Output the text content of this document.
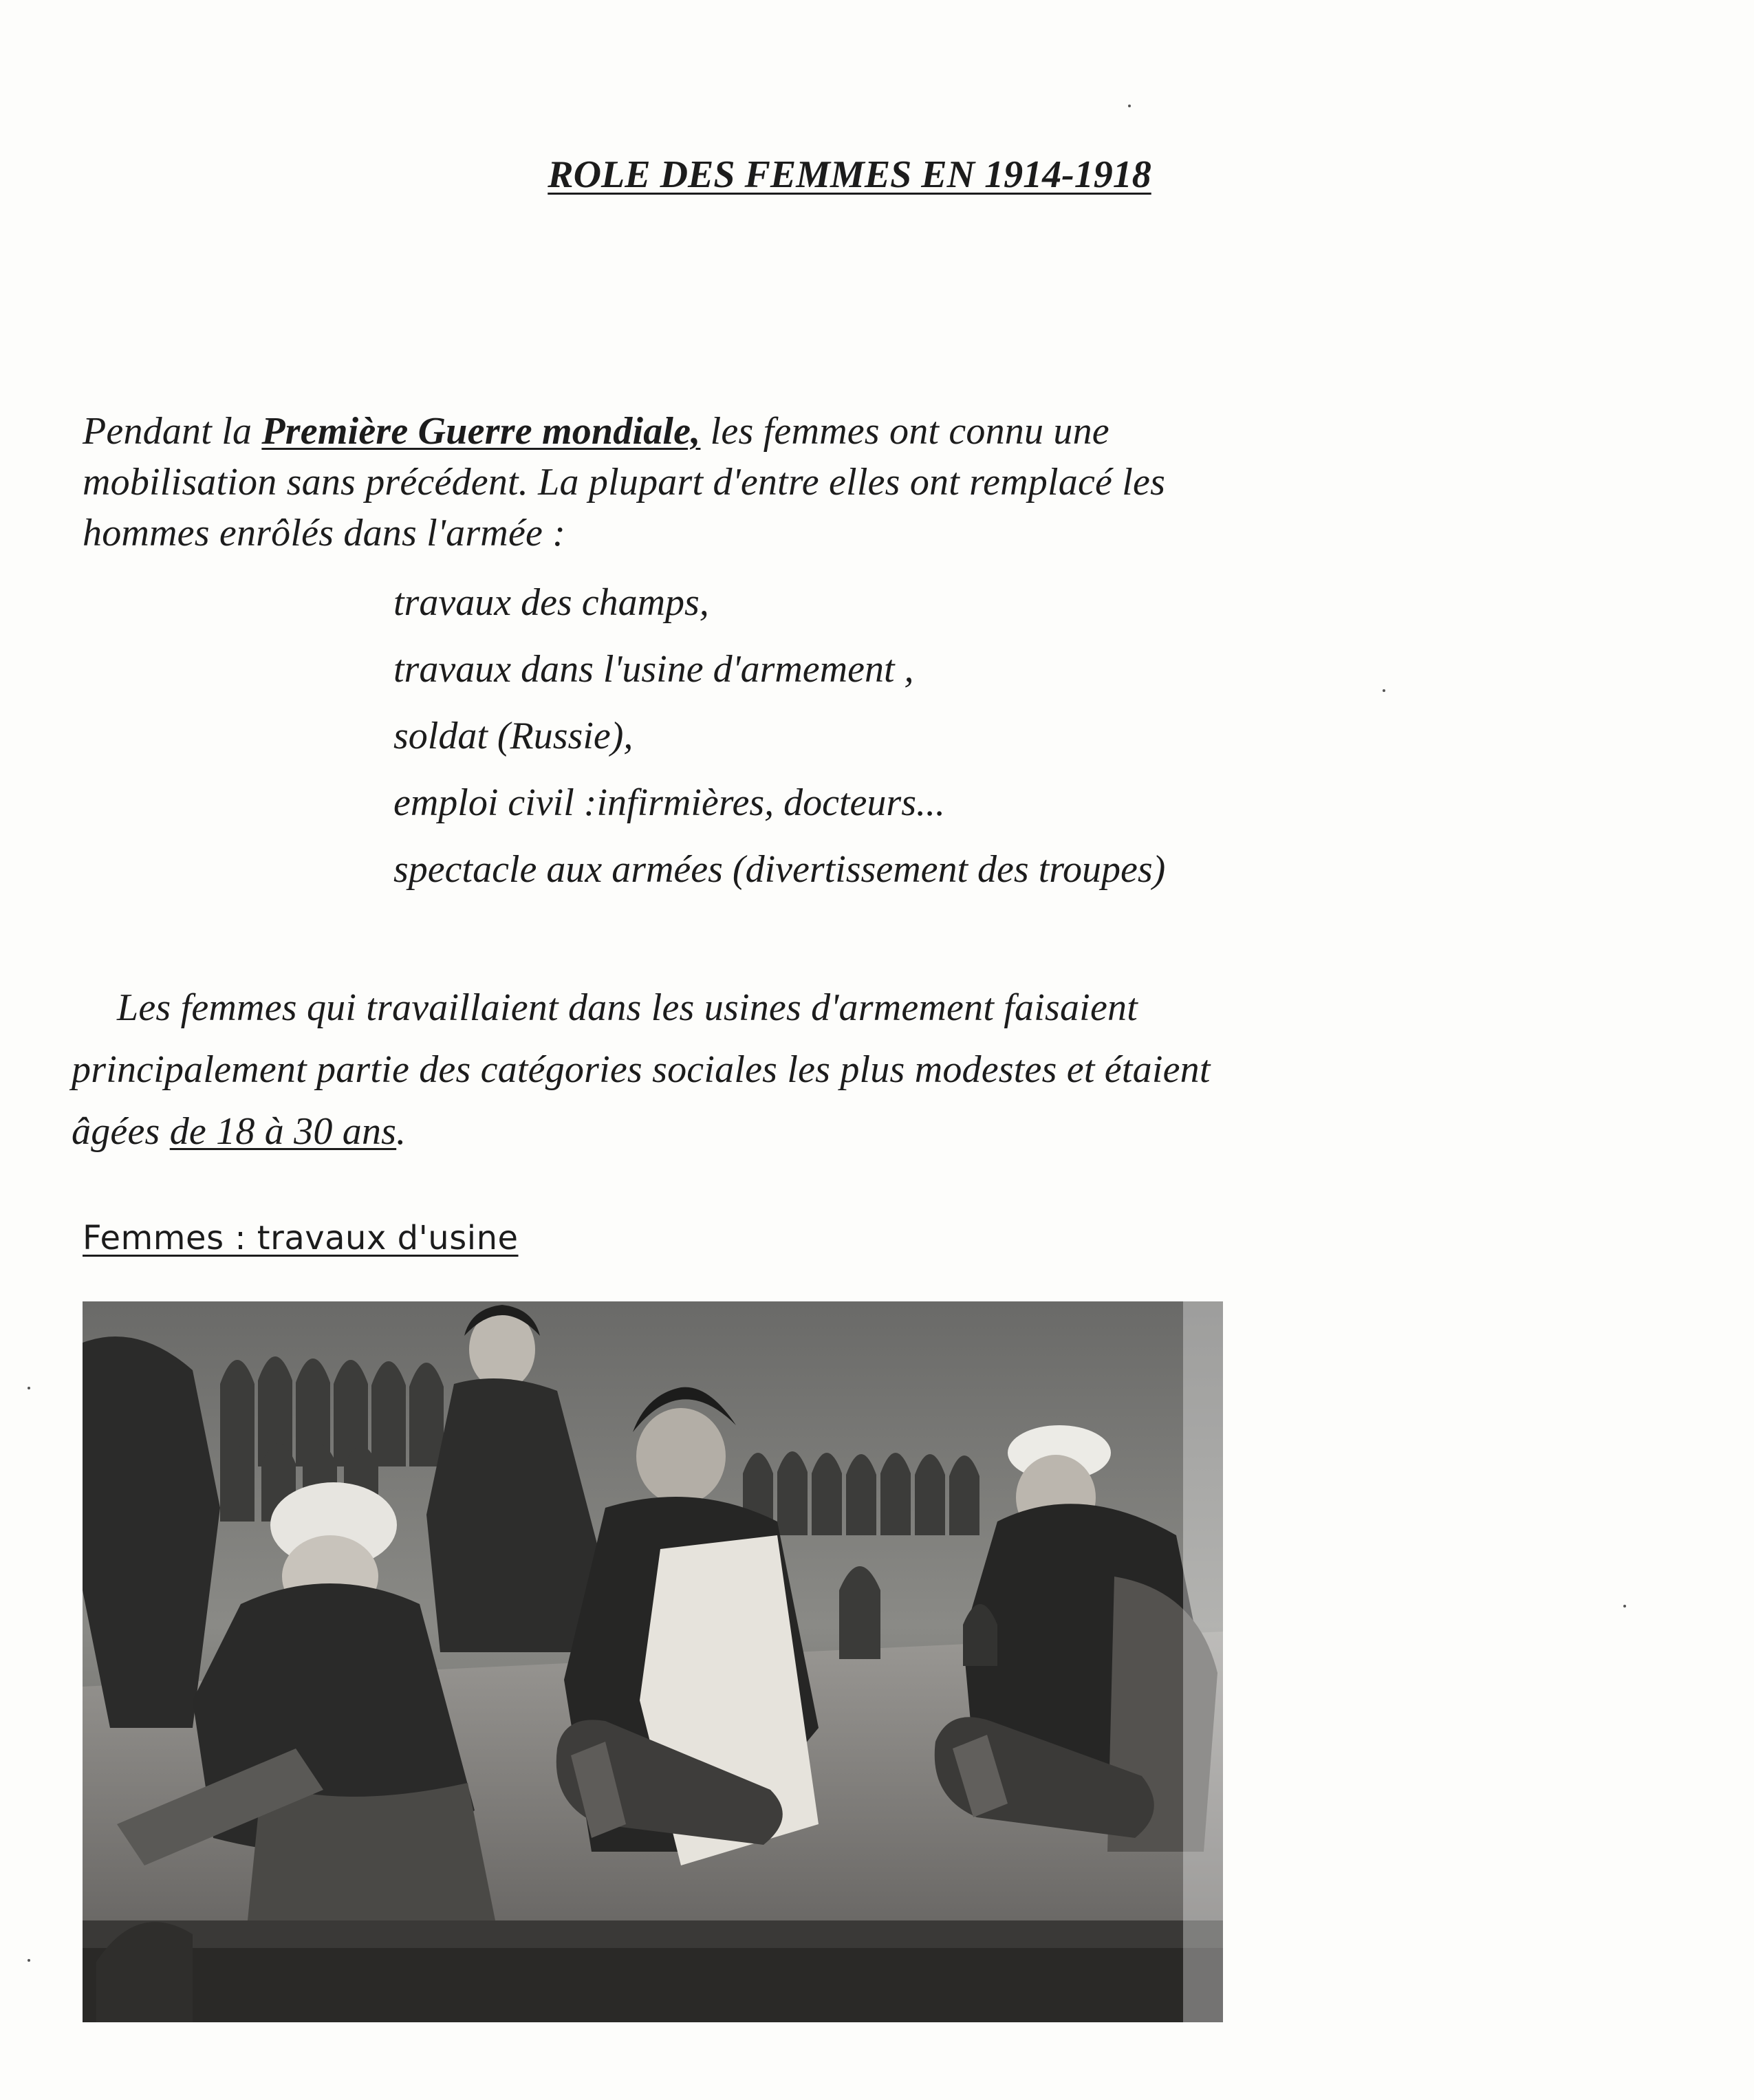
ROLE DES FEMMES EN 1914-1918
Pendant la Première Guerre mondiale, les femmes ont connu une
mobilisation sans précédent. La plupart d'entre elles ont remplacé les
hommes enrôlés dans l'armée :
travaux des champs,
travaux dans l'usine d'armement ,
soldat (Russie),
emploi civil :infirmières, docteurs...
spectacle aux armées (divertissement des troupes)
Les femmes qui travaillaient dans les usines d'armement faisaient
principalement partie des catégories sociales les plus modestes et étaient
âgées de 18 à 30 ans.
Femmes : travaux d'usine
